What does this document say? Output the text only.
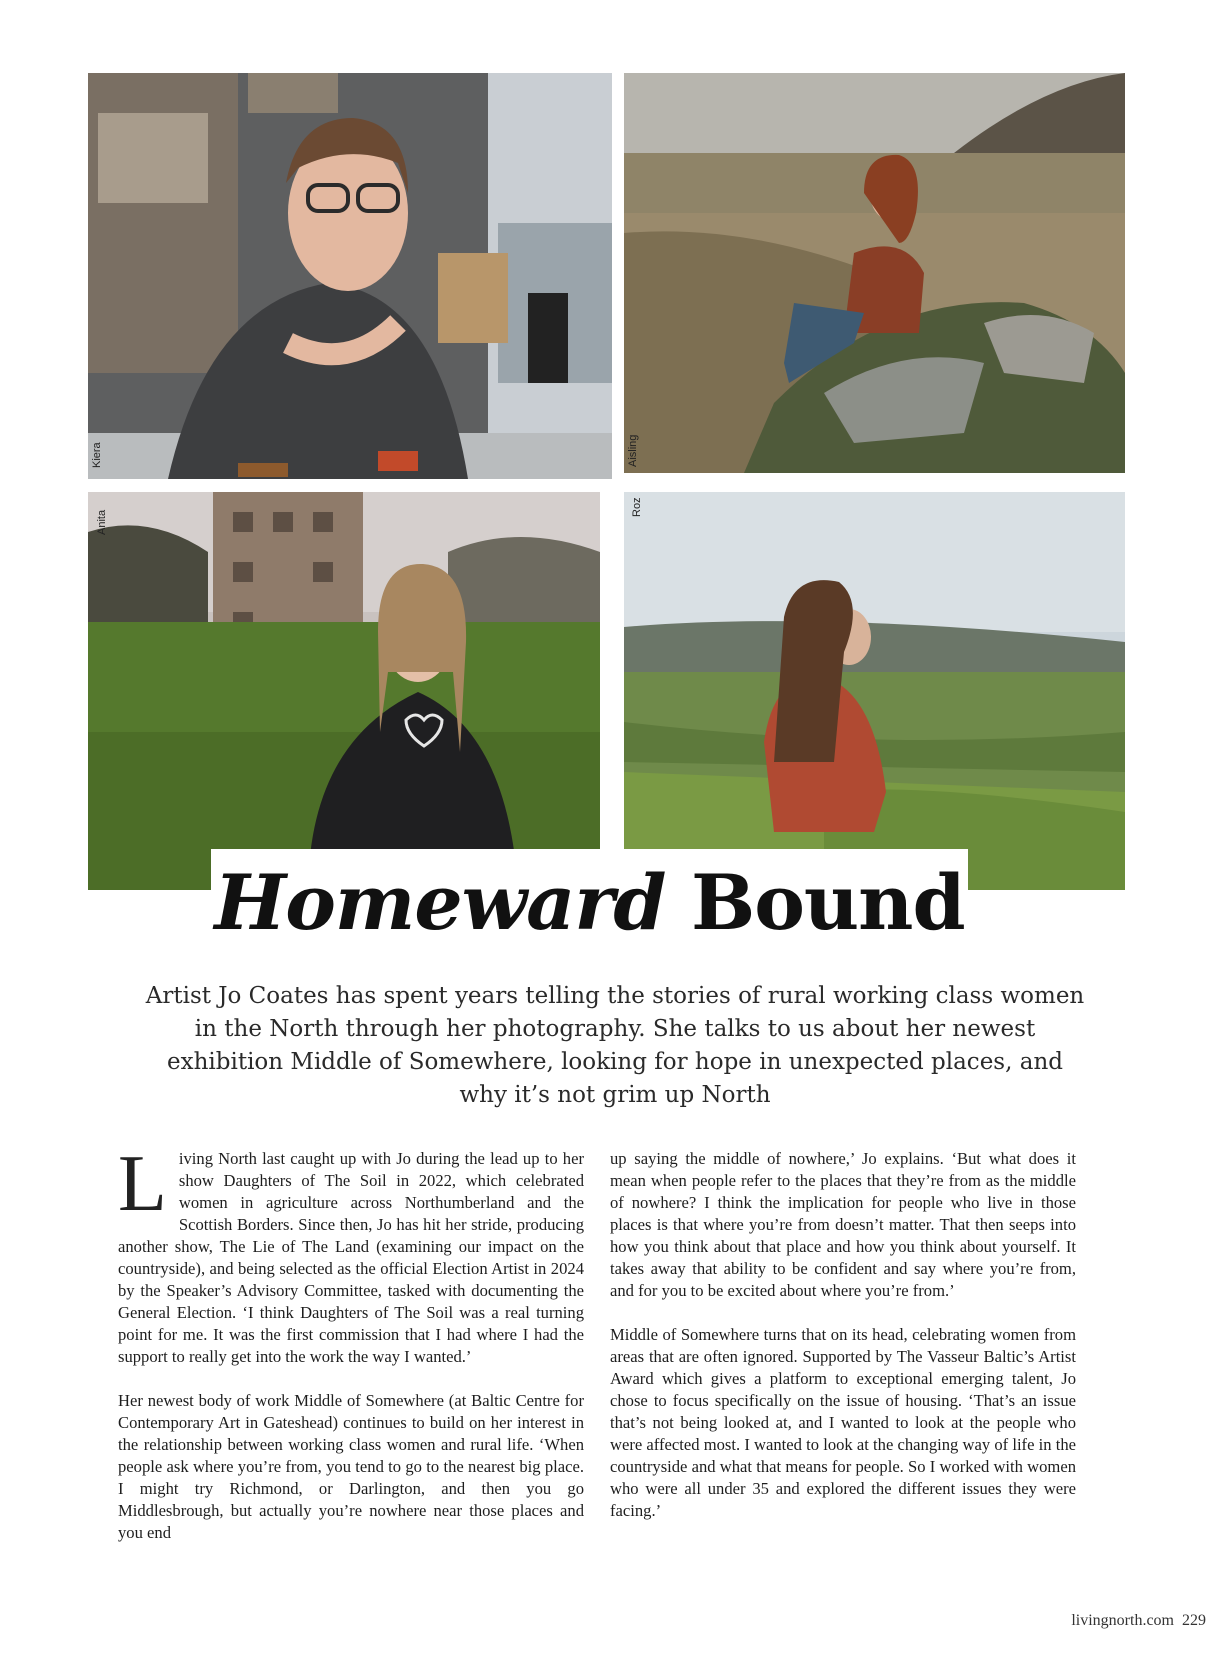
Kiera	Aisling
Anita
Roz
Homeward Bound
Artist Jo Coates has spent years telling the stories of rural working class women in the North through her photography. She talks to us about her newest exhibition Middle of Somewhere, looking for hope in unexpected places, and why it’s not grim up North

Living North last caught up with Jo during the lead up to her show Daughters of The Soil in 2022, which celebrated women in agriculture across Northumberland and the Scottish Borders. Since then, Jo has hit her stride, producing another show, The Lie of The Land (examining our impact on the countryside), and being selected as the official Election Artist in 2024 by the Speaker’s Advisory Committee, tasked with documenting the General Election. ‘I think Daughters of The Soil was a real turning point for me. It was the first commission that I had where I had the support to really get into the work the way I wanted.’

Her newest body of work Middle of Somewhere (at Baltic Centre for Contemporary Art in Gateshead) continues to build on her interest in the relationship between working class women and rural life. ‘When people ask where you’re from, you tend to go to the nearest big place. I might try Richmond, or Darlington, and then you go Middlesbrough, but actually you’re nowhere near those places and you end

up saying the middle of nowhere,’ Jo explains. ‘But what does it mean when people refer to the places that they’re from as the middle of nowhere? I think the implication for people who live in those places is that where you’re from doesn’t matter. That then seeps into how you think about that place and how you think about yourself. It takes away that ability to be confident and say where you’re from, and for you to be excited about where you’re from.’

Middle of Somewhere turns that on its head, celebrating women from areas that are often ignored. Supported by The Vasseur Baltic’s Artist Award which gives a platform to exceptional emerging talent, Jo chose to focus specifically on the issue of housing. ‘That’s an issue that’s not being looked at, and I wanted to look at the people who were affected most. I wanted to look at the changing way of life in the countryside and what that means for people. So I worked with women who were all under 35 and explored the different issues they were facing.’

livingnorth.com 229
